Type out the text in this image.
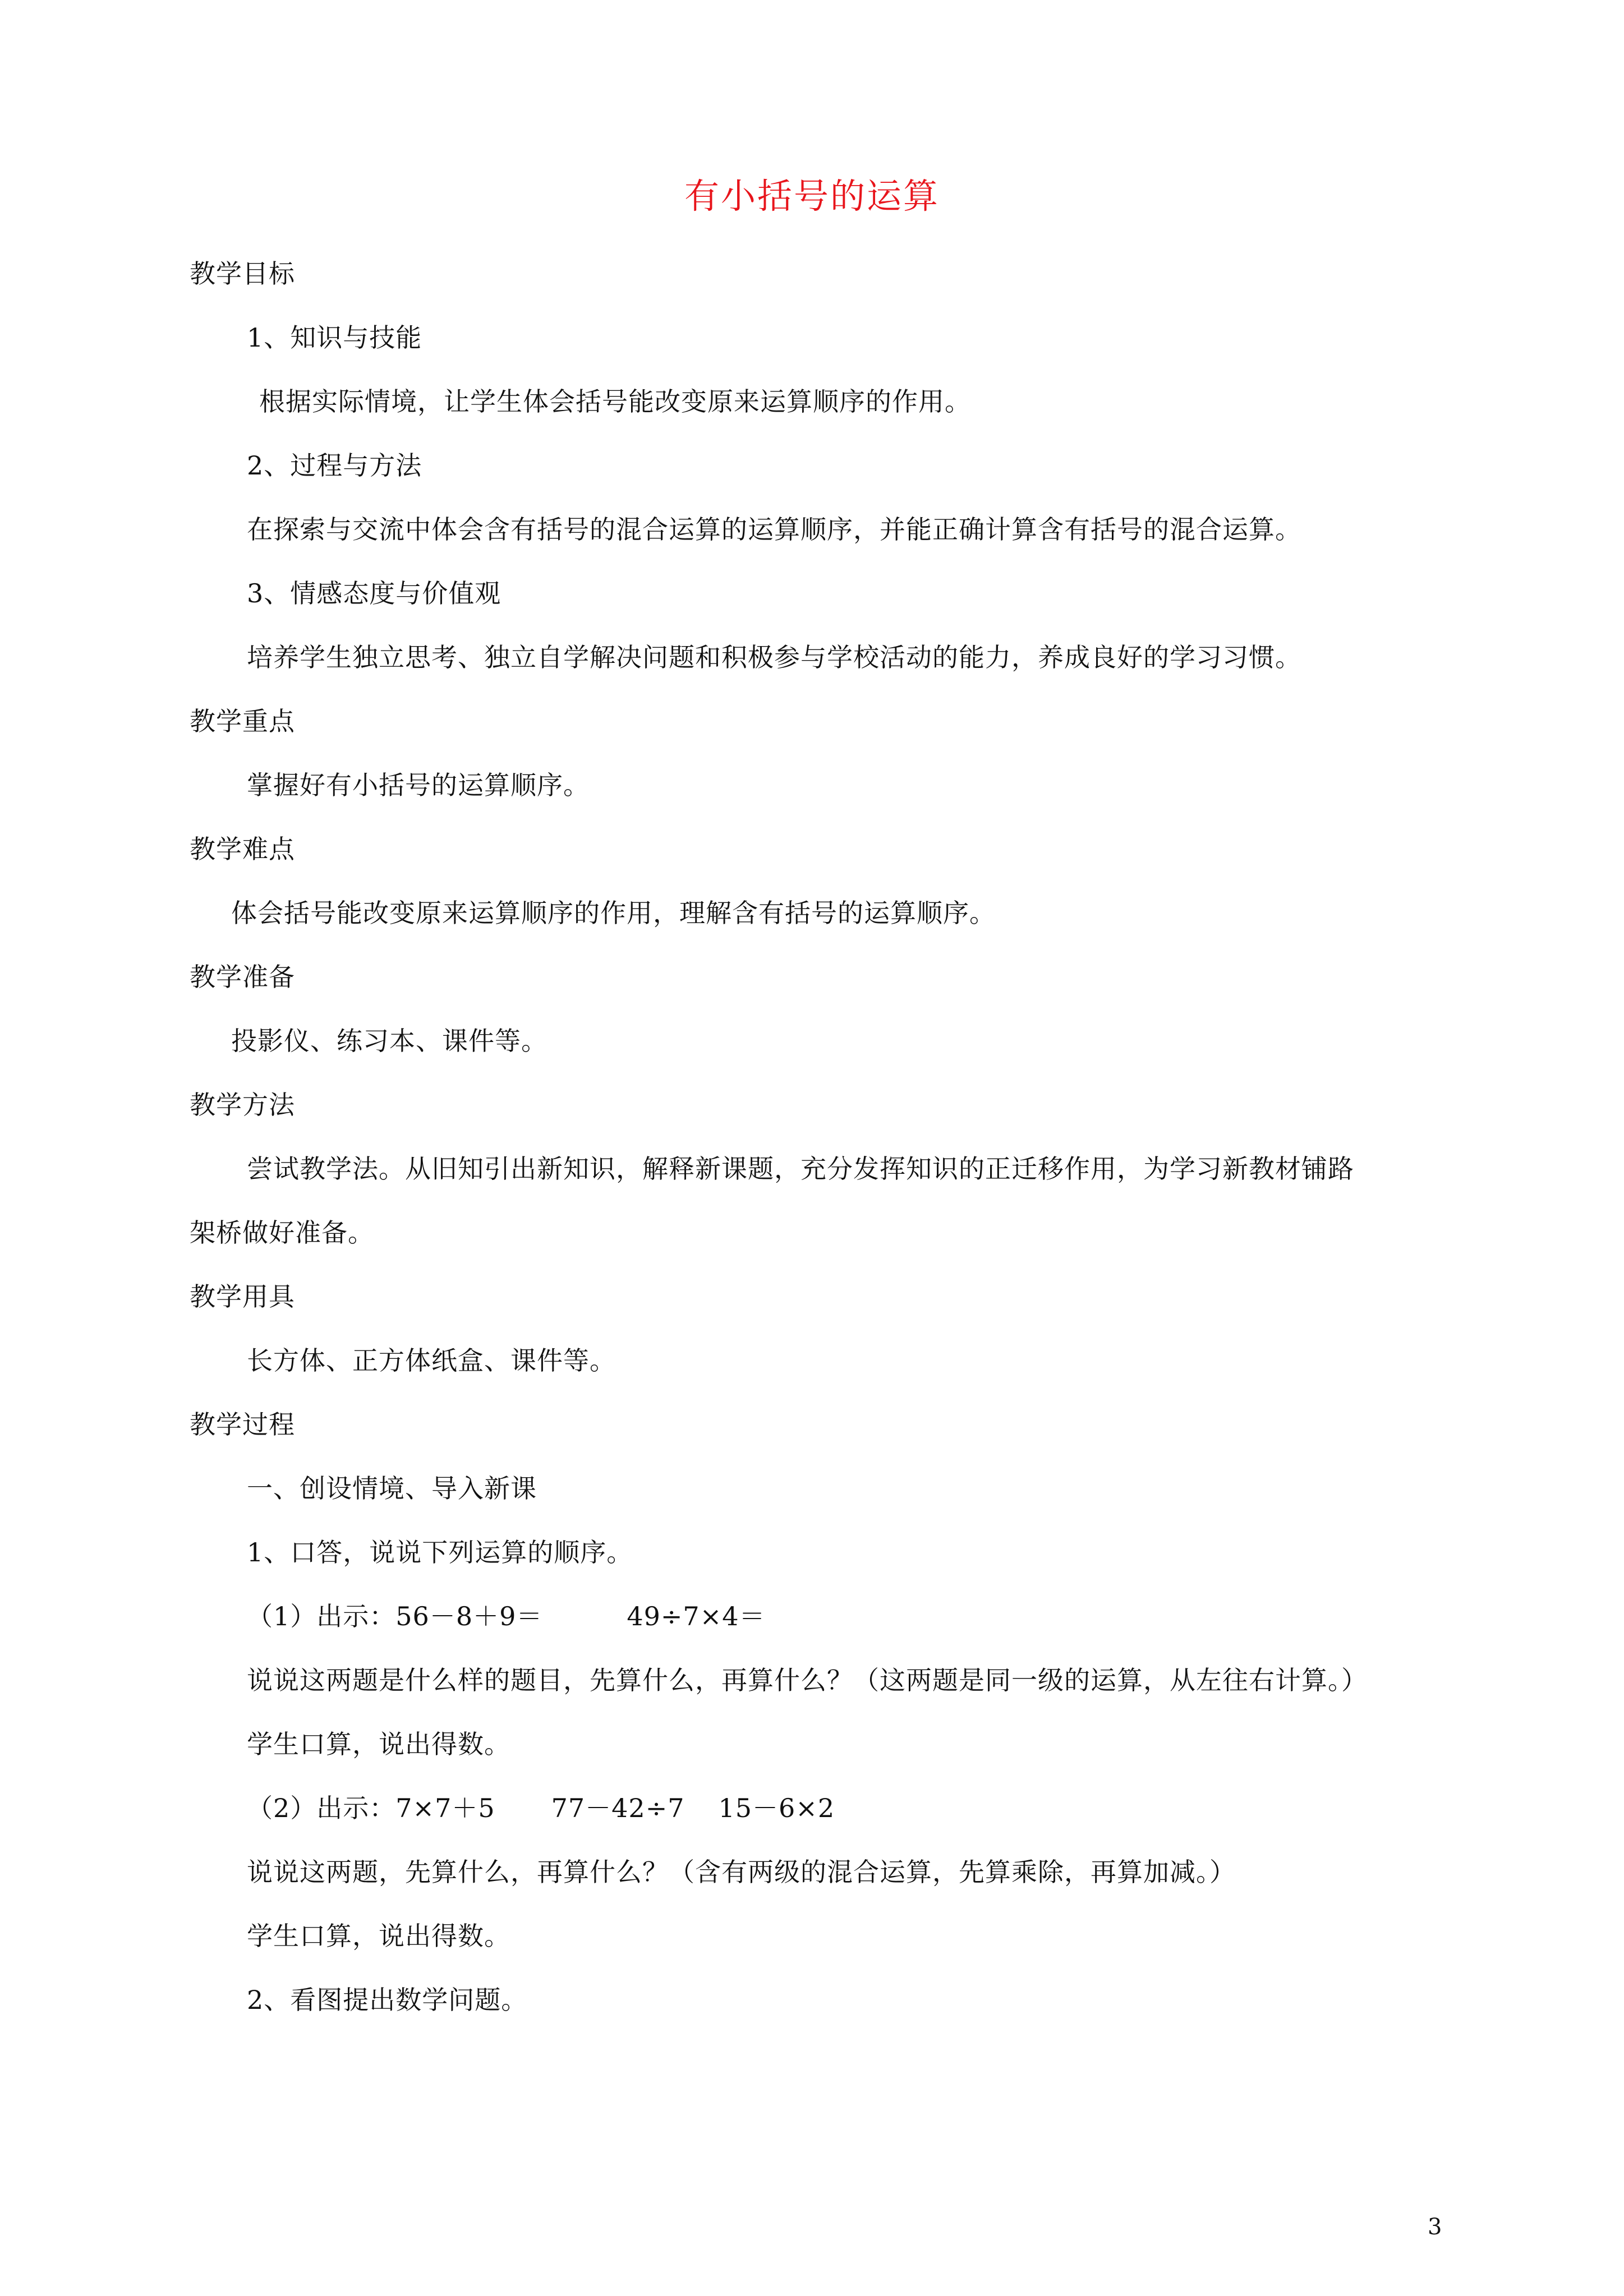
有小括号的运算
教学目标
1、知识与技能
根据实际情境，让学生体会括号能改变原来运算顺序的作用。
2、过程与方法
在探索与交流中体会含有括号的混合运算的运算顺序，并能正确计算含有括号的混合运算。
3、情感态度与价值观
培养学生独立思考、独立自学解决问题和积极参与学校活动的能力，养成良好的学习习惯。
教学重点
掌握好有小括号的运算顺序。
教学难点
体会括号能改变原来运算顺序的作用，理解含有括号的运算顺序。
教学准备
投影仪、练习本、课件等。
教学方法
尝试教学法。从旧知引出新知识，解释新课题，充分发挥知识的正迁移作用，为学习新教材铺路
架桥做好准备。
教学用具
长方体、正方体纸盒、课件等。
教学过程
一、创设情境、导入新课
1、口答，说说下列运算的顺序。
（1）出示：56－8＋9＝	49÷7×4＝
说说这两题是什么样的题目，先算什么，再算什么？（这两题是同一级的运算，从左往右计算。）
学生口算，说出得数。
（2）出示：7×7＋5 77－42÷7 15－6×2
说说这两题，先算什么，再算什么？（含有两级的混合运算，先算乘除，再算加减。）
学生口算，说出得数。
2、看图提出数学问题。
3
